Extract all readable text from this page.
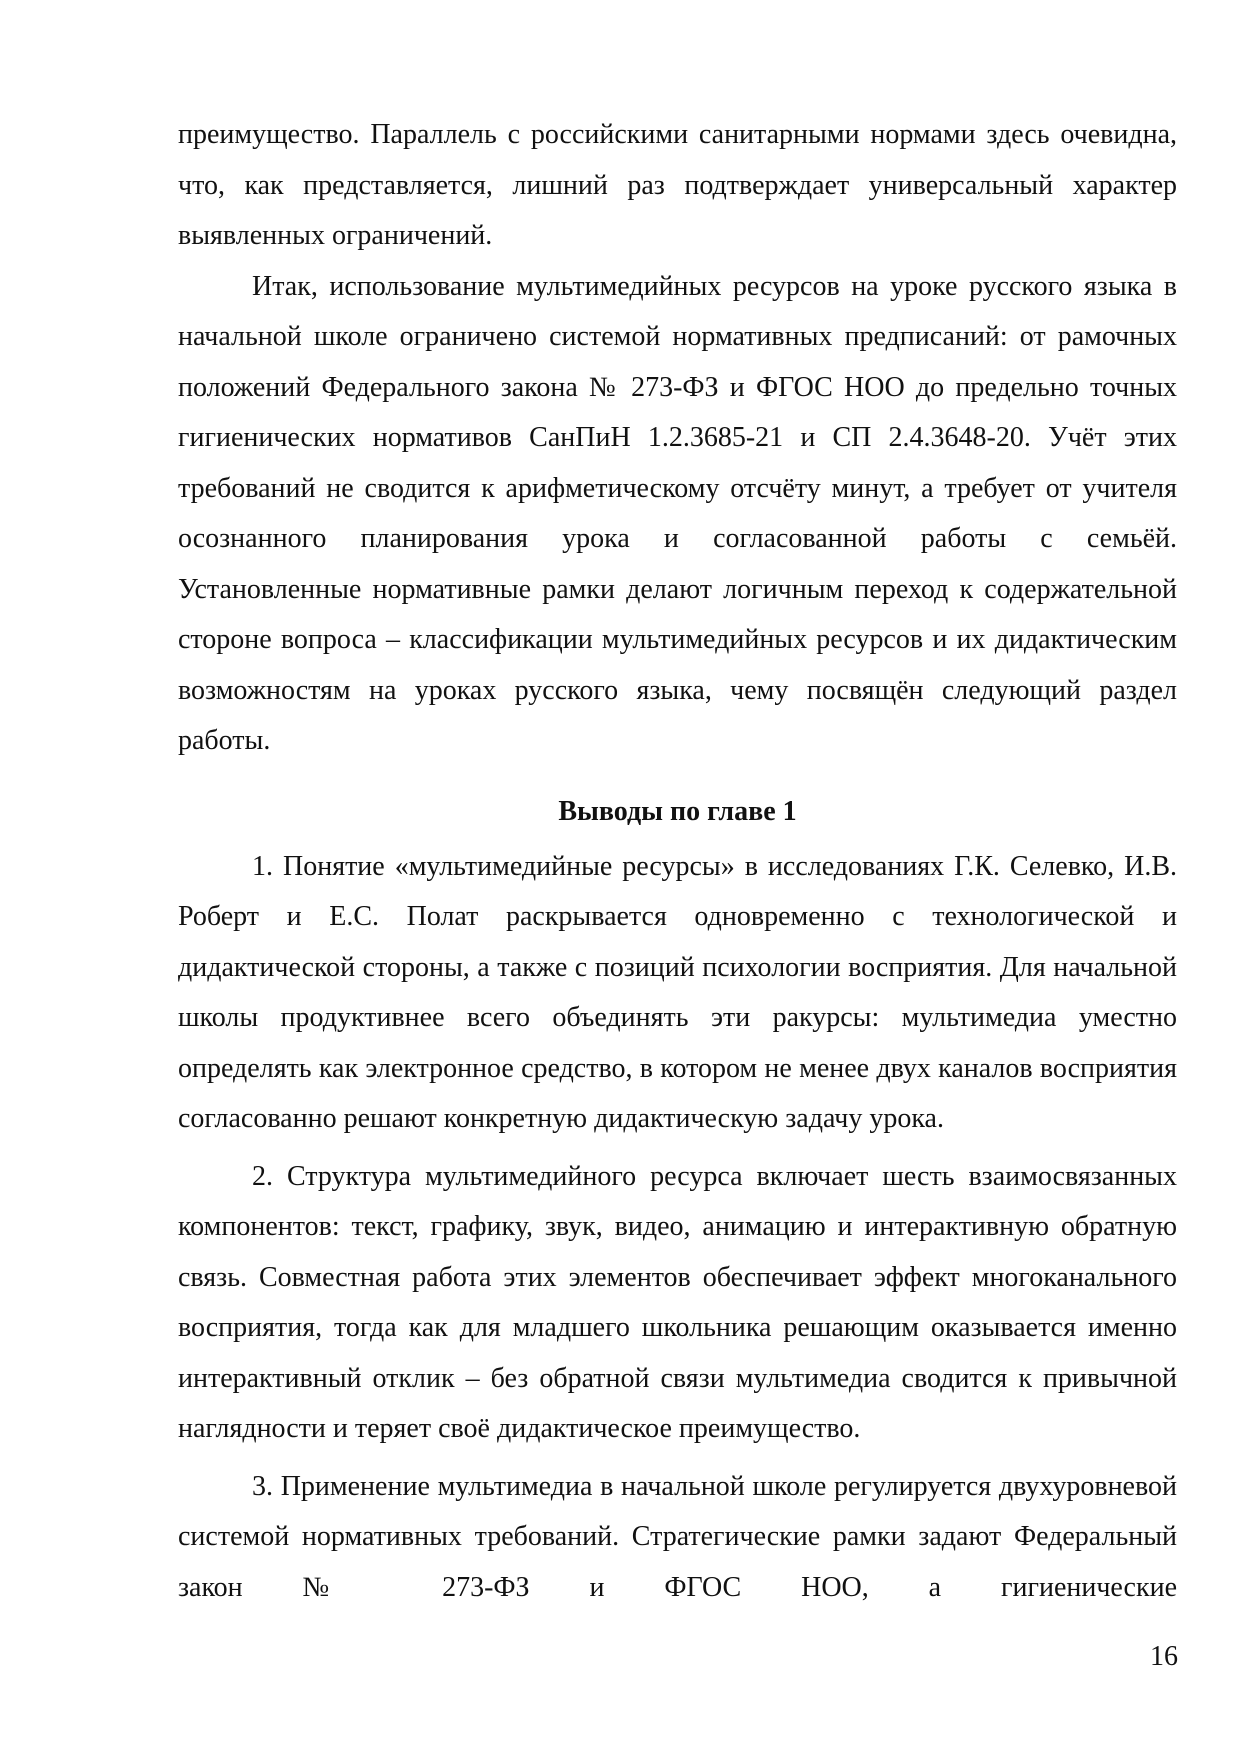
преимущество. Параллель с российскими санитарными нормами здесь очевидна, что, как представляется, лишний раз подтверждает универсальный характер выявленных ограничений.

Итак, использование мультимедийных ресурсов на уроке русского языка в начальной школе ограничено системой нормативных предписаний: от рамочных положений Федерального закона № 273-ФЗ и ФГОС НОО до предельно точных гигиенических нормативов СанПиН 1.2.3685-21 и СП 2.4.3648-20. Учёт этих требований не сводится к арифметическому отсчёту минут, а требует от учителя осознанного планирования урока и согласованной работы с семьёй. Установленные нормативные рамки делают логичным переход к содержательной стороне вопроса – классификации мультимедийных ресурсов и их дидактическим возможностям на уроках русского языка, чему посвящён следующий раздел работы.

Выводы по главе 1

1. Понятие «мультимедийные ресурсы» в исследованиях Г.К. Селевко, И.В. Роберт и Е.С. Полат раскрывается одновременно с технологической и дидактической стороны, а также с позиций психологии восприятия. Для начальной школы продуктивнее всего объединять эти ракурсы: мультимедиа уместно определять как электронное средство, в котором не менее двух каналов восприятия согласованно решают конкретную дидактическую задачу урока.

2. Структура мультимедийного ресурса включает шесть взаимосвязанных компонентов: текст, графику, звук, видео, анимацию и интерактивную обратную связь. Совместная работа этих элементов обеспечивает эффект многоканального восприятия, тогда как для младшего школьника решающим оказывается именно интерактивный отклик – без обратной связи мультимедиа сводится к привычной наглядности и теряет своё дидактическое преимущество.

3. Применение мультимедиа в начальной школе регулируется двухуровневой системой нормативных требований. Стратегические рамки задают Федеральный закон № 273-ФЗ и ФГОС НОО, а гигиенические

16
